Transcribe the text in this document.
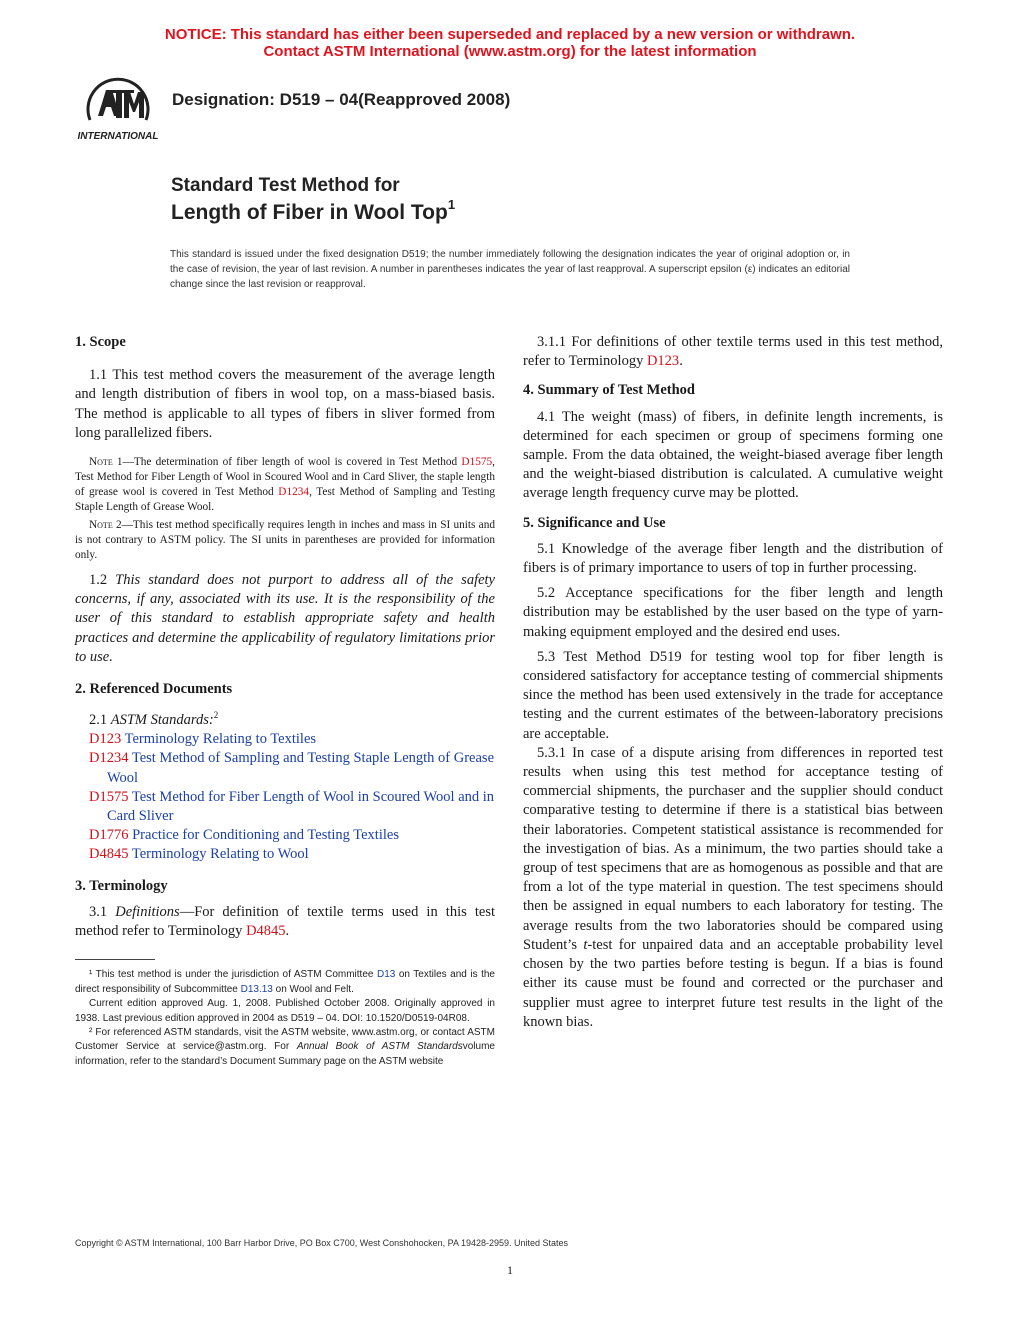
NOTICE: This standard has either been superseded and replaced by a new version or withdrawn.
Contact ASTM International (www.astm.org) for the latest information
INTERNATIONAL
Designation: D519 – 04(Reapproved 2008)
Standard Test Method for
Length of Fiber in Wool Top$^1$
This standard is issued under the fixed designation D519; the number immediately following the designation indicates the year of original adoption or, in the case of revision, the year of last revision. A number in parentheses indicates the year of last reapproval. A superscript epsilon (ε) indicates an editorial change since the last revision or reapproval.
1. Scope

1.1 This test method covers the measurement of the average length and length distribution of fibers in wool top, on a mass-biased basis. The method is applicable to all types of fibers in sliver formed from long parallelized fibers.

Note 1—The determination of fiber length of wool is covered in Test Method D1575, Test Method for Fiber Length of Wool in Scoured Wool and in Card Sliver, the staple length of grease wool is covered in Test Method D1234, Test Method of Sampling and Testing Staple Length of Grease Wool.

Note 2—This test method specifically requires length in inches and mass in SI units and is not contrary to ASTM policy. The SI units in parentheses are provided for information only.

1.2 This standard does not purport to address all of the safety concerns, if any, associated with its use. It is the responsibility of the user of this standard to establish appropriate safety and health practices and determine the applicability of regulatory limitations prior to use.

2. Referenced Documents

2.1 ASTM Standards:$^2$

D123 Terminology Relating to Textiles

D1234 Test Method of Sampling and Testing Staple Length of Grease Wool

D1575 Test Method for Fiber Length of Wool in Scoured Wool and in Card Sliver

D1776 Practice for Conditioning and Testing Textiles

D4845 Terminology Relating to Wool

3. Terminology

3.1 Definitions—For definition of textile terms used in this test method refer to Terminology D4845.

¹ This test method is under the jurisdiction of ASTM Committee D13 on Textiles and is the direct responsibility of Subcommittee D13.13 on Wool and Felt.

Current edition approved Aug. 1, 2008. Published October 2008. Originally approved in 1938. Last previous edition approved in 2004 as D519 – 04. DOI: 10.1520/D0519-04R08.

² For referenced ASTM standards, visit the ASTM website, www.astm.org, or contact ASTM Customer Service at service@astm.org. For Annual Book of ASTM Standardsvolume information, refer to the standard’s Document Summary page on the ASTM website

3.1.1 For definitions of other textile terms used in this test method, refer to Terminology D123.

4. Summary of Test Method

4.1 The weight (mass) of fibers, in definite length increments, is determined for each specimen or group of specimens forming one sample. From the data obtained, the weight-biased average fiber length and the weight-biased distribution is calculated. A cumulative weight average length frequency curve may be plotted.

5. Significance and Use

5.1 Knowledge of the average fiber length and the distribution of fibers is of primary importance to users of top in further processing.

5.2 Acceptance specifications for the fiber length and length distribution may be established by the user based on the type of yarn-making equipment employed and the desired end uses.

5.3 Test Method D519 for testing wool top for fiber length is considered satisfactory for acceptance testing of commercial shipments since the method has been used extensively in the trade for acceptance testing and the current estimates of the between-laboratory precisions are acceptable.

5.3.1 In case of a dispute arising from differences in reported test results when using this test method for acceptance testing of commercial shipments, the purchaser and the supplier should conduct comparative testing to determine if there is a statistical bias between their laboratories. Competent statistical assistance is recommended for the investigation of bias. As a minimum, the two parties should take a group of test specimens that are as homogenous as possible and that are from a lot of the type material in question. The test specimens should then be assigned in equal numbers to each laboratory for testing. The average results from the two laboratories should be compared using Student’s t-test for unpaired data and an acceptable probability level chosen by the two parties before testing is begun. If a bias is found either its cause must be found and corrected or the purchaser and supplier must agree to interpret future test results in the light of the known bias.

Copyright © ASTM International, 100 Barr Harbor Drive, PO Box C700, West Conshohocken, PA 19428-2959. United States
1
